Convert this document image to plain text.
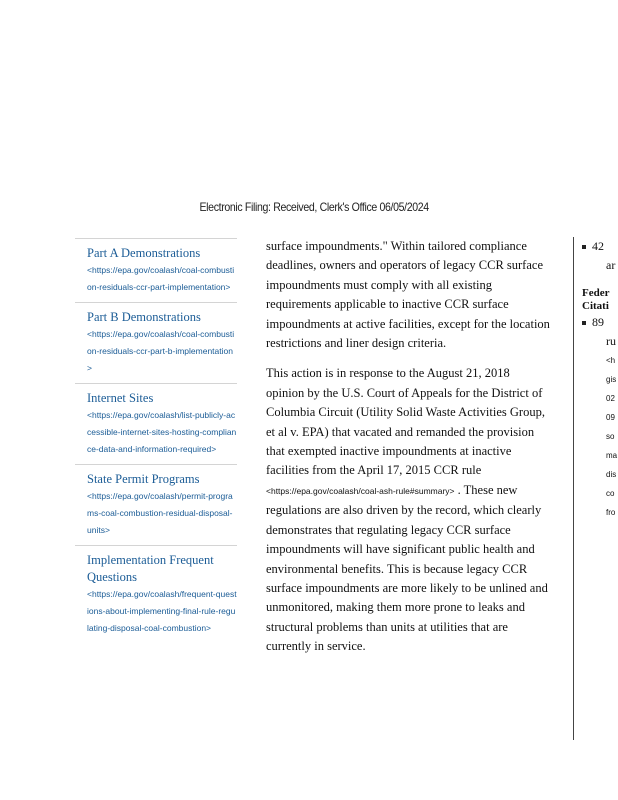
Electronic Filing: Received, Clerk's Office 06/05/2024
Part A Demonstrations
<https://epa.gov/coalash/coal-combustion-residuals-ccr-part-implementation>
Part B Demonstrations
<https://epa.gov/coalash/coal-combustion-residuals-ccr-part-b-implementation>
Internet Sites
<https://epa.gov/coalash/list-publicly-accessible-internet-sites-hosting-compliance-data-and-information-required>
State Permit Programs
<https://epa.gov/coalash/permit-programs-coal-combustion-residual-disposal-units>
Implementation Frequent Questions
<https://epa.gov/coalash/frequent-questions-about-implementing-final-rule-regulating-disposal-coal-combustion>

surface impoundments." Within tailored compliance deadlines, owners and operators of legacy CCR surface impoundments must comply with all existing requirements applicable to inactive CCR surface impoundments at active facilities, except for the location restrictions and liner design criteria.

This action is in response to the August 21, 2018 opinion by the U.S. Court of Appeals for the District of Columbia Circuit (Utility Solid Waste Activities Group, et al v. EPA) that vacated and remanded the provision that exempted inactive impoundments at inactive facilities from the April 17, 2015 CCR rule <https://epa.gov/coalash/coal-ash-rule#summary> . These new regulations are also driven by the record, which clearly demonstrates that regulating legacy CCR surface impoundments will have significant public health and environmental benefits. This is because legacy CCR surface impoundments are more likely to be unlined and unmonitored, making them more prone to leaks and structural problems than units at utilities that are currently in service.

42
ar
Feder
Citati
89
ru
<h
gis
02
09
so
ma
dis
co
fro
